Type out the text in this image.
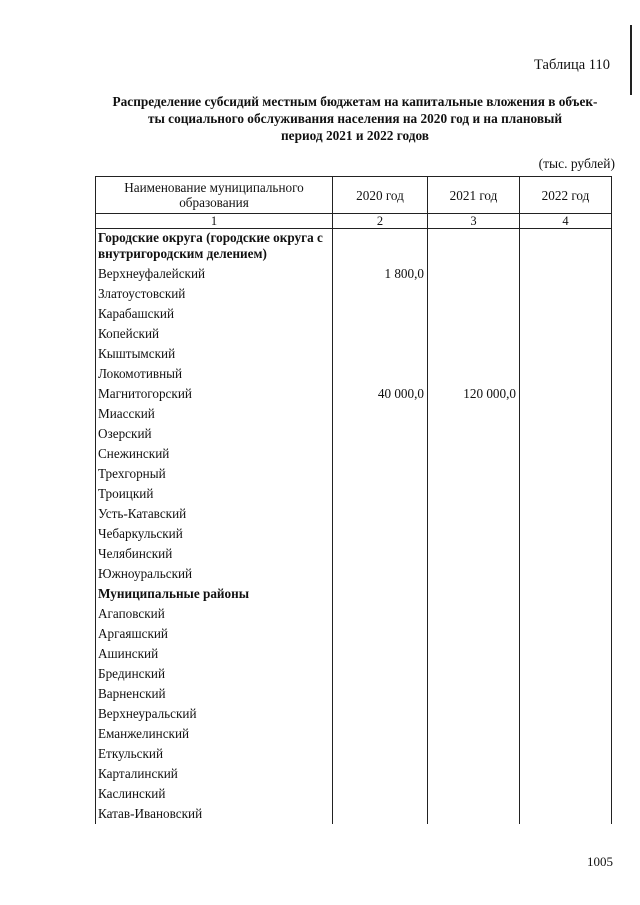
Таблица 110
Распределение субсидий местным бюджетам на капитальные вложения в объек-
ты социального обслуживания населения на 2020 год и на плановый
период 2021 и 2022 годов
(тыс. рублей)
Наименование муниципального образования	2020 год	2021 год	2022 год
1	2	3	4
Городские округа (городские округа с внутригородским делением)			
Верхнеуфалейский	1 800,0		
Златоустовский			
Карабашский			
Копейский			
Кыштымский			
Локомотивный			
Магнитогорский	40 000,0	120 000,0	
Миасский			
Озерский			
Снежинский			
Трехгорный			
Троицкий			
Усть-Катавский			
Чебаркульский			
Челябинский			
Южноуральский			
Муниципальные районы			
Агаповский			
Аргаяшский			
Ашинский			
Брединский			
Варненский			
Верхнеуральский			
Еманжелинский			
Еткульский			
Карталинский			
Каслинский			
Катав-Ивановский			
1005
